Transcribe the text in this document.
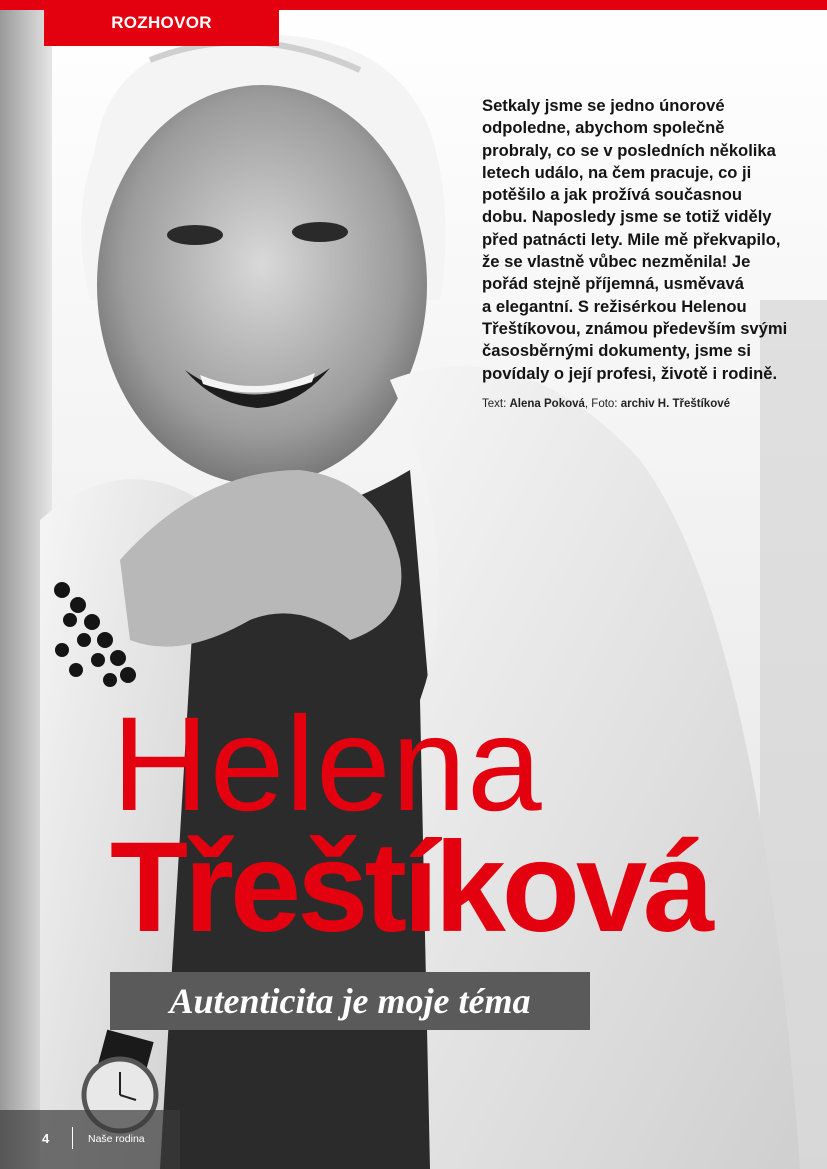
ROZHOVOR
Setkaly jsme se jedno únorové
odpoledne, abychom společně
probraly, co se v posledních několika
letech událo, na čem pracuje, co ji
potěšilo a jak prožívá současnou
dobu. Naposledy jsme se totiž viděly
před patnácti lety. Mile mě překvapilo,
že se vlastně vůbec nezměnila! Je
pořád stejně příjemná, usměvavá
a elegantní. S režisérkou Helenou
Třeštíkovou, známou především svými
časosběrnými dokumenty, jsme si
povídaly o její profesi, životě i rodině.
Text: Alena Poková, Foto: archiv H. Třeštíkové
Helena
Třeštíková
Autenticita je moje téma
4	Naše rodina
